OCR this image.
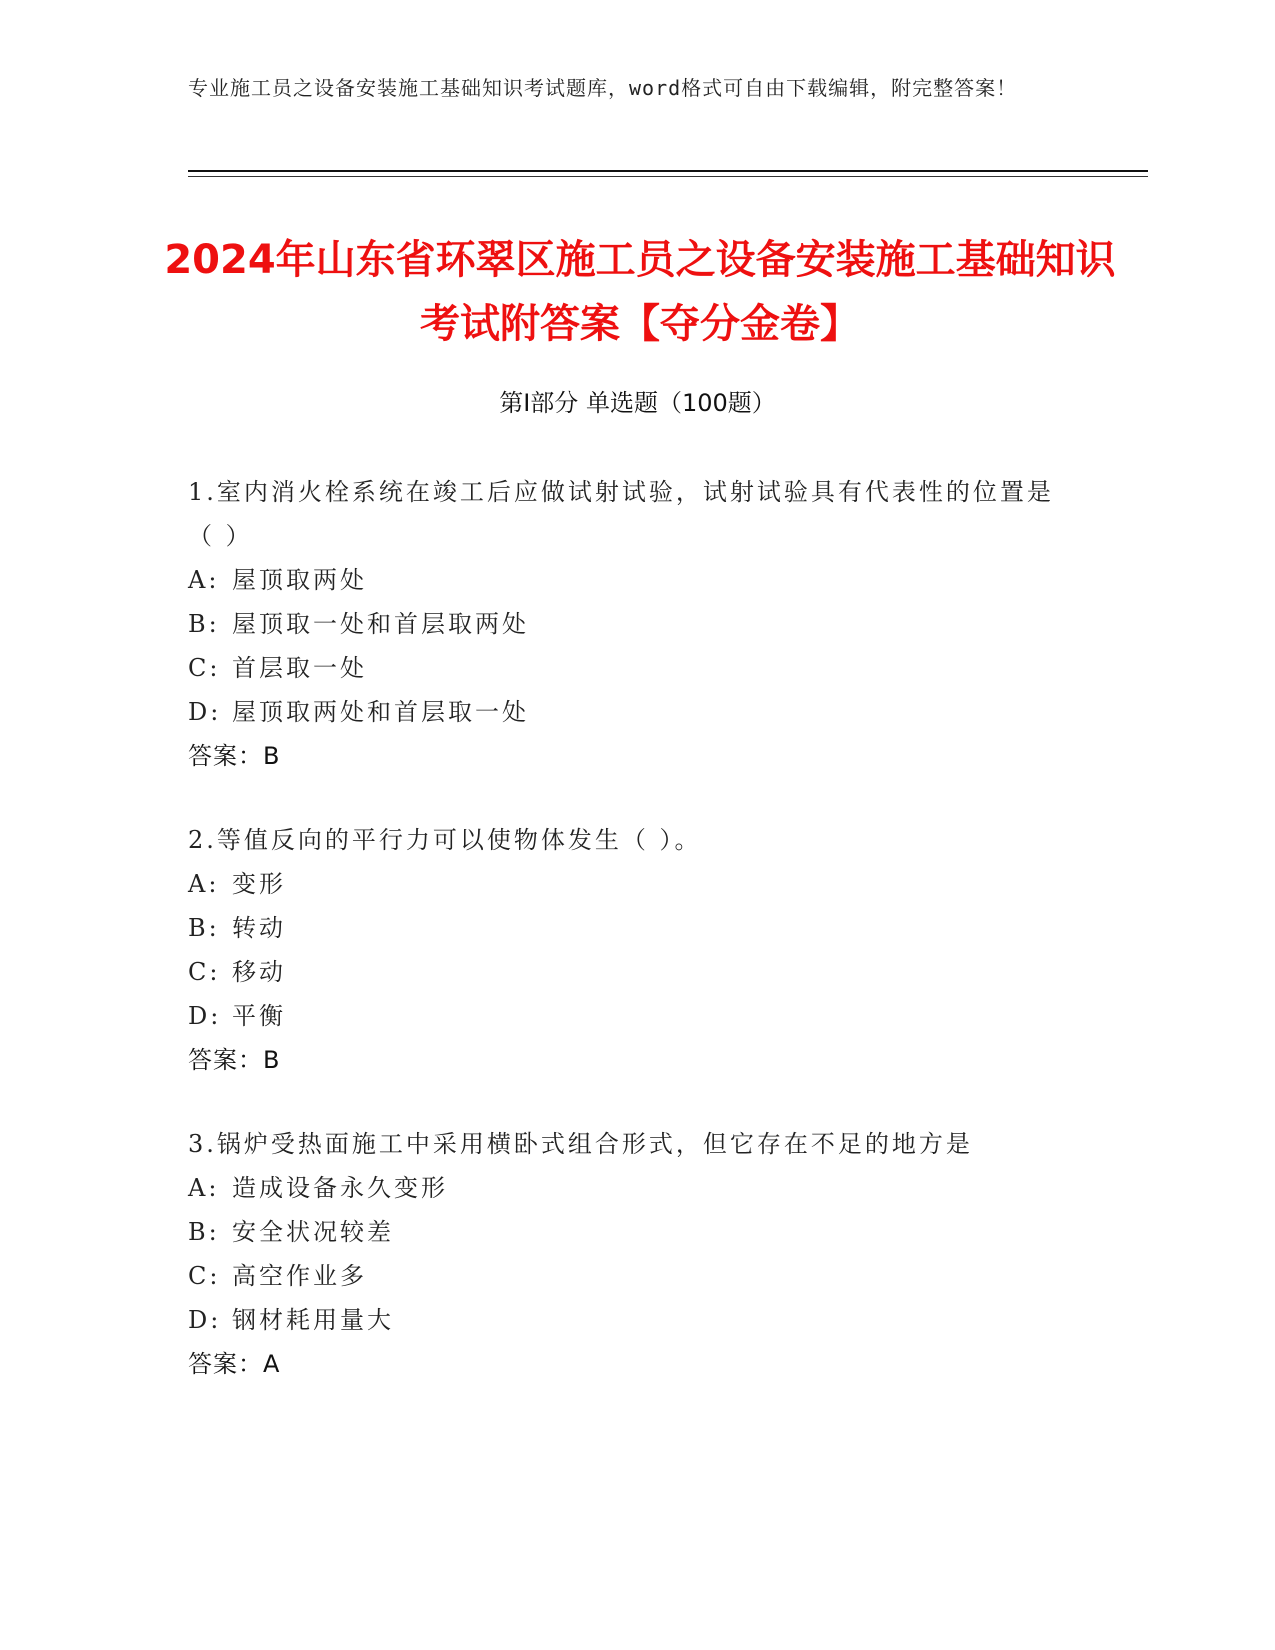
专业施工员之设备安装施工基础知识考试题库，word格式可自由下载编辑，附完整答案！
2024年山东省环翠区施工员之设备安装施工基础知识考试附答案【夺分金卷】
第Ⅰ部分 单选题（100题）
1.室内消火栓系统在竣工后应做试射试验，试射试验具有代表性的位置是（ ）
A: 屋顶取两处
B: 屋顶取一处和首层取两处
C: 首层取一处
D: 屋顶取两处和首层取一处
答案：B
2.等值反向的平行力可以使物体发生（ ）。
A: 变形
B: 转动
C: 移动
D: 平衡
答案：B
3.锅炉受热面施工中采用横卧式组合形式，但它存在不足的地方是
A: 造成设备永久变形
B: 安全状况较差
C: 高空作业多
D: 钢材耗用量大
答案：A
